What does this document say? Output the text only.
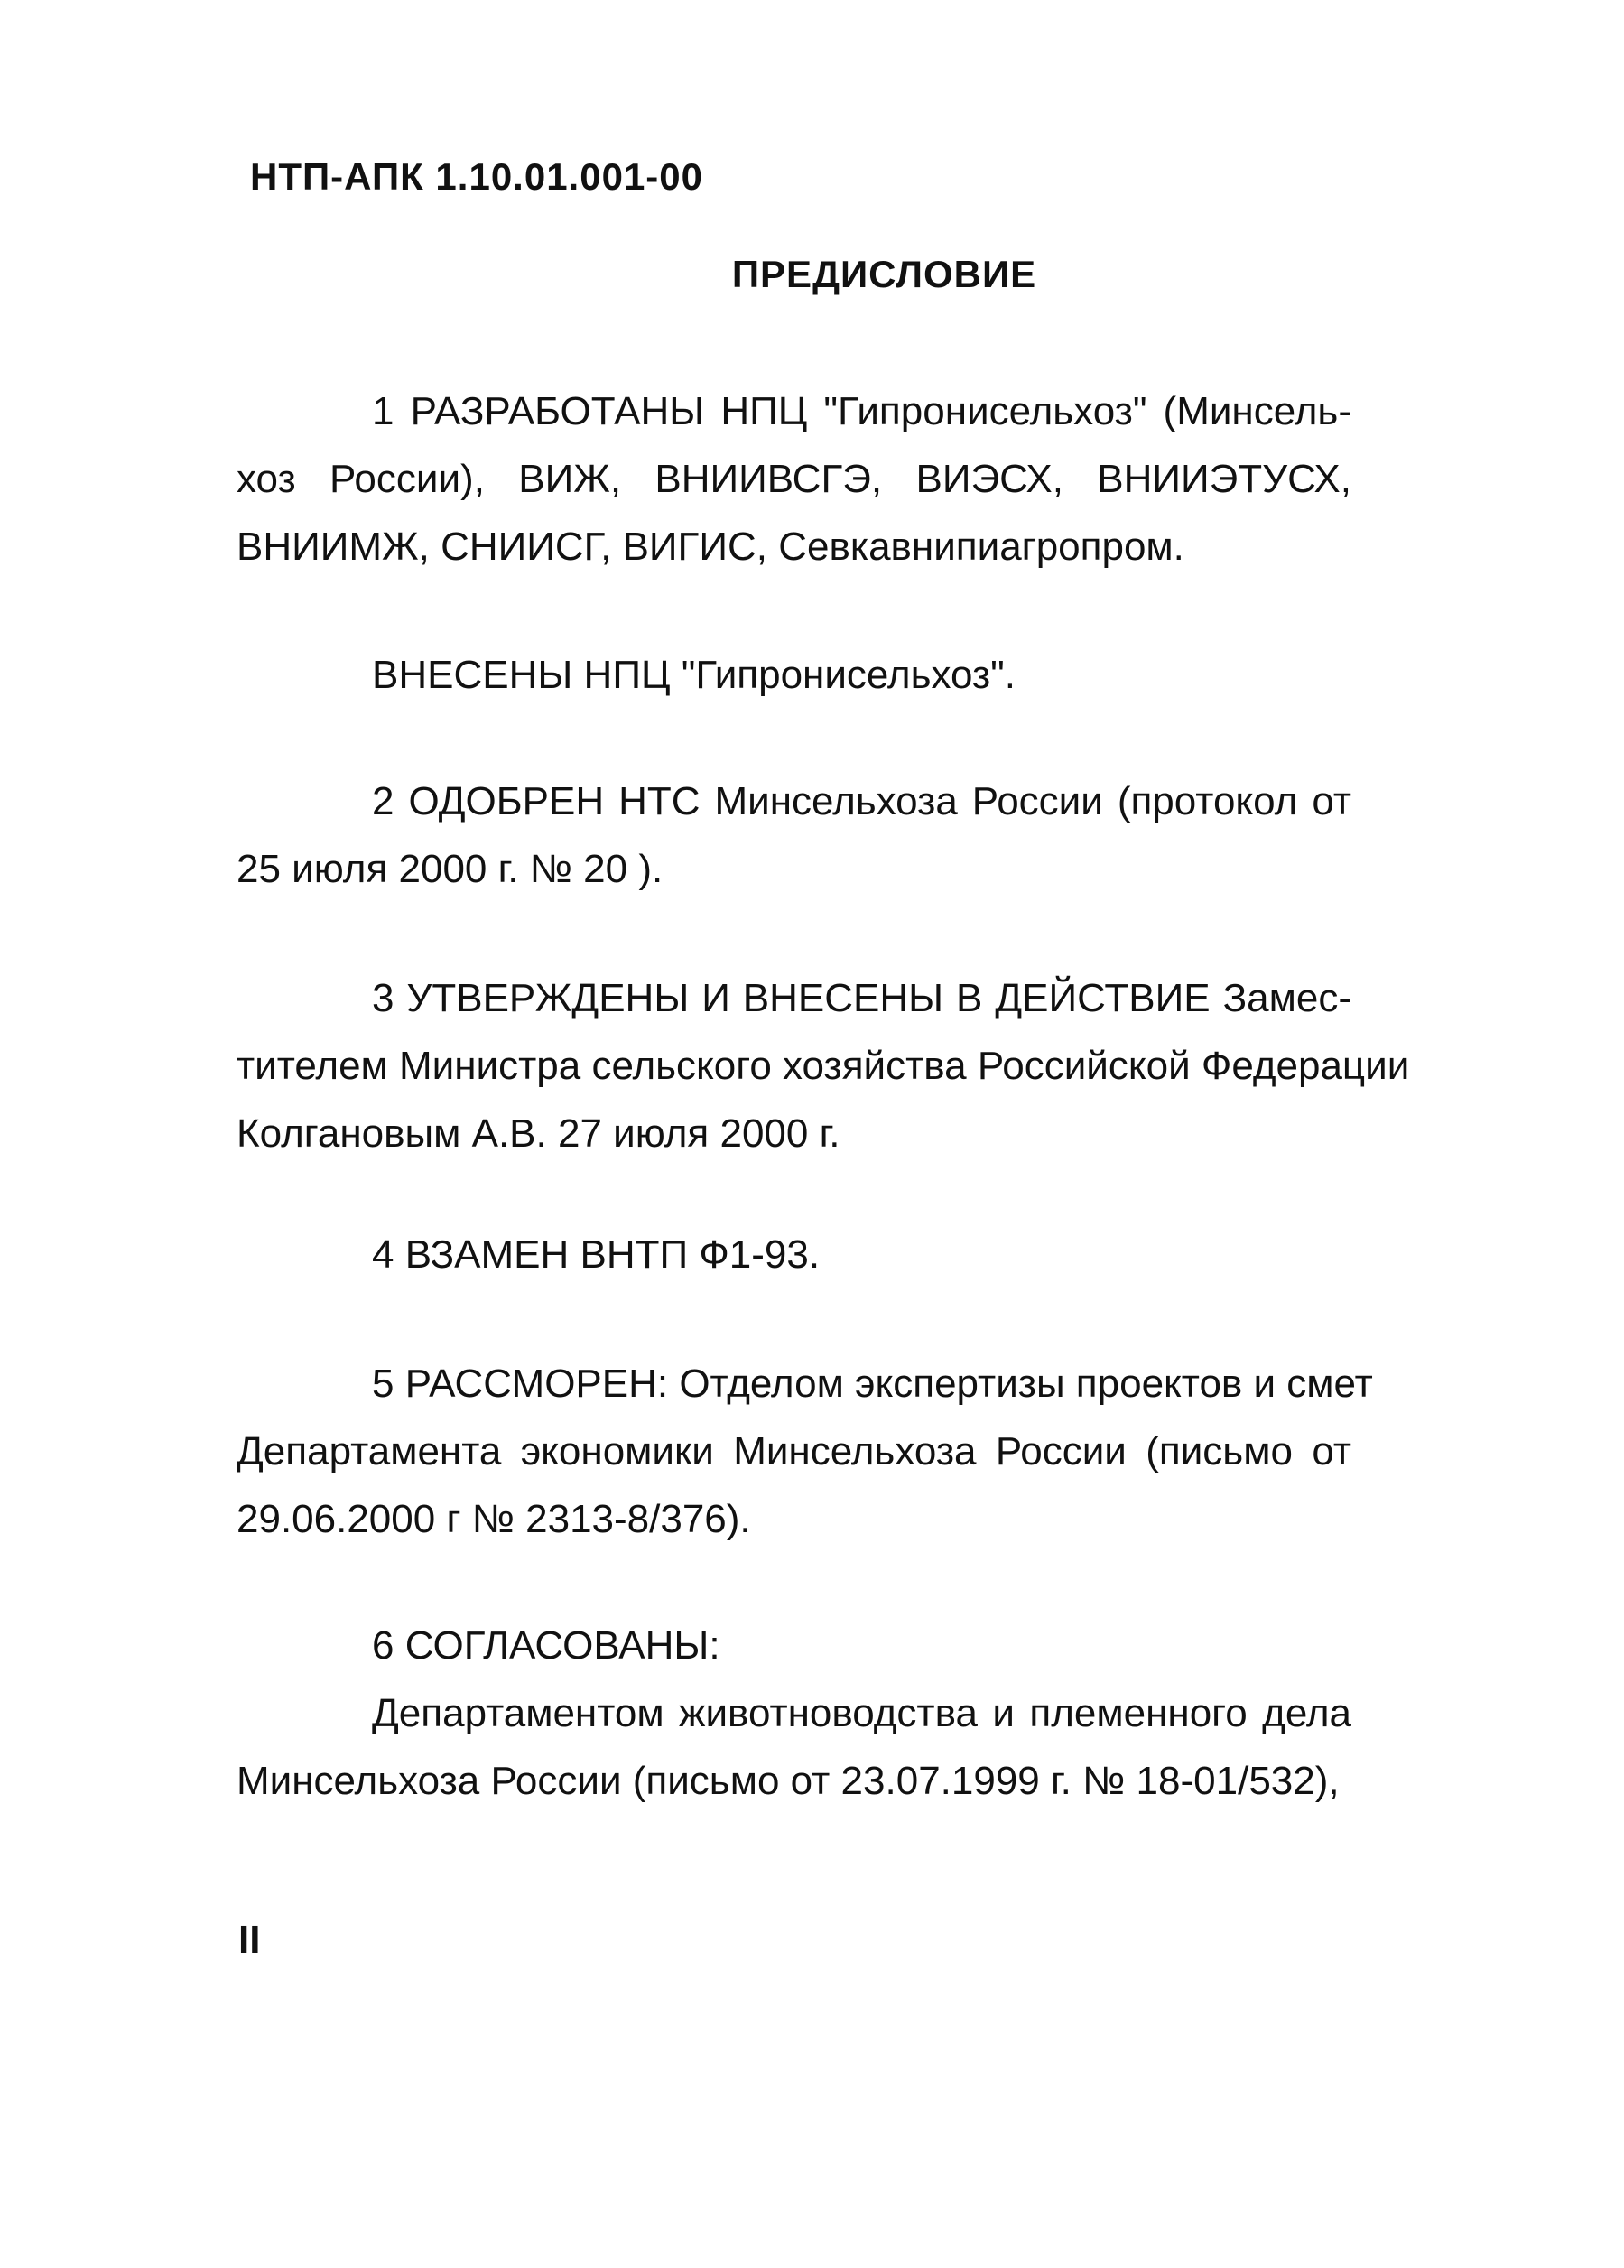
НТП-АПК 1.10.01.001-00
ПРЕДИСЛОВИЕ
1 РАЗРАБОТАНЫ НПЦ "Гипронисельхоз" (Минсель-
хоз России), ВИЖ, ВНИИВСГЭ, ВИЭСХ, ВНИИЭТУСХ,
ВНИИМЖ, СНИИСГ, ВИГИС, Севкавнипиагропром.
ВНЕСЕНЫ НПЦ "Гипронисельхоз".
2 ОДОБРЕН НТС Минсельхоза России (протокол от
25 июля 2000 г. № 20 ).
3 УТВЕРЖДЕНЫ И ВНЕСЕНЫ В ДЕЙСТВИЕ Замес-
тителем Министра сельского хозяйства Российской Федерации
Колгановым А.В. 27 июля 2000 г.
4 ВЗАМЕН ВНТП Ф1-93.
5 РАССМОРЕН: Отделом экспертизы проектов и смет
Департамента экономики Минсельхоза России (письмо от
29.06.2000 г № 2313-8/376).
6 СОГЛАСОВАНЫ:
Департаментом животноводства и племенного дела
Минсельхоза России (письмо от 23.07.1999 г. № 18-01/532),
II
